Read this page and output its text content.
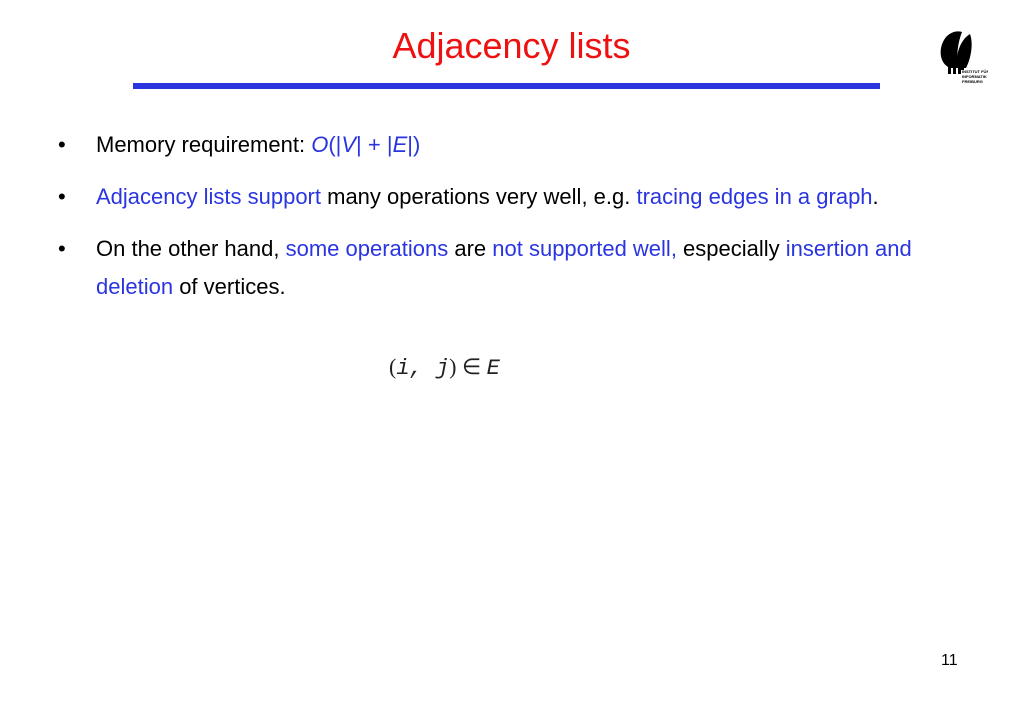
Adjacency lists
INSTITUT FÜR
INFORMATIK
FREIBURG
•	Memory requirement: O(|V| + |E|)
•	Adjacency lists support many operations very well, e.g. tracing edges in a graph.
•	On the other hand, some operations are not supported well, especially insertion and deletion of vertices.
(i, j) ∈ E
11
